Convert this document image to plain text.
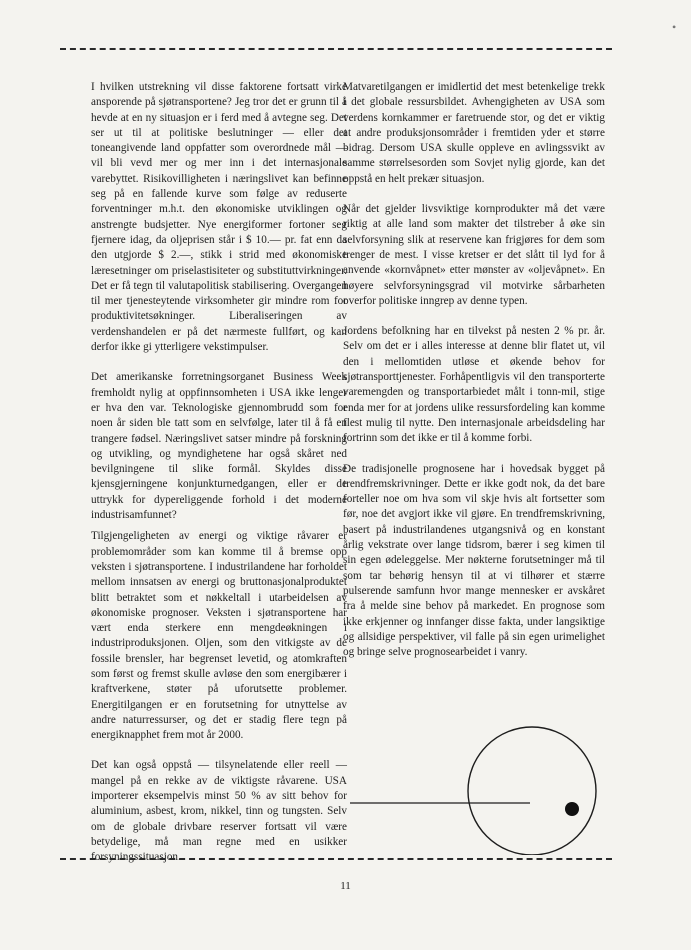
•

I hvilken utstrekning vil disse faktorene fortsatt virke ansporende på sjøtransportene? Jeg tror det er grunn til å hevde at en ny situasjon er i ferd med å avtegne seg. Det ser ut til at politiske beslutninger — eller det toneangivende land oppfatter som overordnede mål — vil bli vevd mer og mer inn i det internasjonale varebyttet. Risikovilligheten i næringslivet kan befinne seg på en fallende kurve som følge av reduserte forventninger m.h.t. den økonomiske utviklingen og anstrengte budsjetter. Nye energiformer fortoner seg fjernere idag, da oljeprisen står i $ 10.— pr. fat enn da den utgjorde $ 2.—, stikk i strid med økonomiske læresetninger om priselastisiteter og substituttvirkninger. Det er få tegn til valutapolitisk stabilisering. Overgangen til mer tjenesteytende virksomheter gir mindre rom for produktivitetsøkninger. Liberaliseringen av verdenshandelen er på det nærmeste fullført, og kan derfor ikke gi ytterligere vekstimpulser.

Det amerikanske forretningsorganet Business Week fremholdt nylig at oppfinnsomheten i USA ikke lenger er hva den var. Teknologiske gjennombrudd som for noen år siden ble tatt som en selvfølge, later til å få en trangere fødsel. Næringslivet satser mindre på forskning og utvikling, og myndighetene har også skåret ned bevilgningene til slike formål. Skyldes disse kjensgjerningene konjunkturnedgangen, eller er de uttrykk for dypereliggende forhold i det moderne industrisamfunnet?

Tilgjengeligheten av energi og viktige råvarer er problemområder som kan komme til å bremse opp veksten i sjøtransportene. I industrilandene har forholdet mellom innsatsen av energi og bruttonasjonalproduktet blitt betraktet som et nøkkeltall i utarbeidelsen av økonomiske prognoser. Veksten i sjøtransportene har vært enda sterkere enn mengdeøkningen i industriproduksjonen. Oljen, som den vitkigste av de fossile brensler, har begrenset levetid, og atomkraften som først og fremst skulle avløse den som energibærer i kraftverkene, støter på uforutsette problemer. Energitilgangen er en forutsetning for utnyttelse av andre naturressurser, og det er stadig flere tegn på energiknapphet frem mot år 2000.

Det kan også oppstå — tilsynelatende eller reell — mangel på en rekke av de viktigste råvarene. USA importerer eksempelvis minst 50 % av sitt behov for aluminium, asbest, krom, nikkel, tinn og tungsten. Selv om de globale drivbare reserver fortsatt vil være betydelige, må man regne med en usikker forsyningssituasjon.

Matvaretilgangen er imidlertid det mest betenkelige trekk i det globale ressursbildet. Avhengigheten av USA som verdens kornkammer er faretruende stor, og det er viktig at andre produksjonsområder i fremtiden yder et større bidrag. Dersom USA skulle oppleve en avlingssvikt av samme størrelsesorden som Sovjet nylig gjorde, kan det oppstå en helt prekær situasjon.

Når det gjelder livsviktige kornprodukter må det være riktig at alle land som makter det tilstreber å øke sin selvforsyning slik at reservene kan frigjøres for dem som trenger de mest. I visse kretser er det slått til lyd for å anvende «kornvåpnet» etter mønster av «oljevåpnet». En høyere selvforsyningsgrad vil motvirke sårbarheten overfor politiske inngrep av denne typen.

Jordens befolkning har en tilvekst på nesten 2 % pr. år. Selv om det er i alles interesse at denne blir flatet ut, vil den i mellomtiden utløse et økende behov for sjøtransporttjenester. Forhåpentligvis vil den transporterte varemengden og transportarbiedet målt i tonn-mil, stige enda mer for at jordens ulike ressursfordeling kan komme flest mulig til nytte. Den internasjonale arbeidsdeling har fortrinn som det ikke er til å komme forbi.

De tradisjonelle prognosene har i hovedsak bygget på trendfremskrivninger. Dette er ikke godt nok, da det bare forteller noe om hva som vil skje hvis alt fortsetter som før, noe det avgjort ikke vil gjøre. En trendfremskrivning, basert på industrilandenes utgangsnivå og en konstant årlig vekstrate over lange tidsrom, bærer i seg kimen til sin egen ødeleggelse. Mer nøkterne forutsetninger må til som tar behørig hensyn til at vi tilhører et stærre pulserende samfunn hvor mange mennesker er avskåret fra å melde sine behov på markedet. En prognose som ikke erkjenner og innfanger disse fakta, under langsiktige og allsidige perspektiver, vil falle på sin egen urimelighet og bringe selve prognosearbeidet i vanry.

11
